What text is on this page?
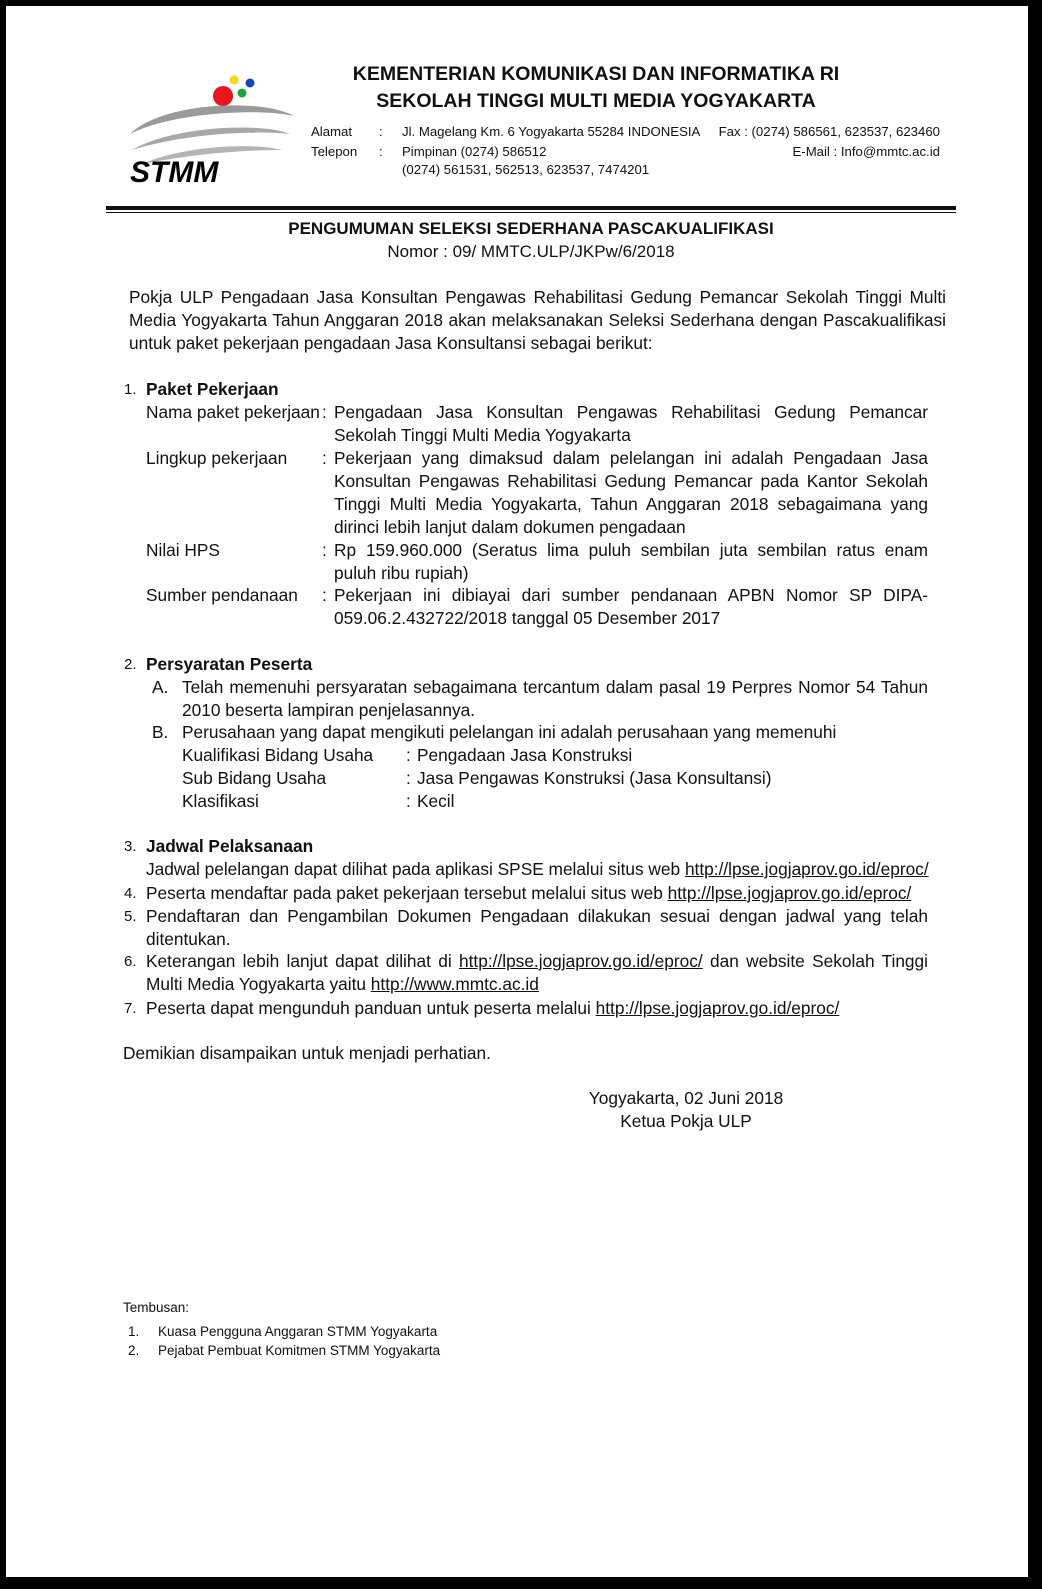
STMM
KEMENTERIAN KOMUNIKASI DAN INFORMATIKA RI
SEKOLAH TINGGI MULTI MEDIA YOGYAKARTA
Alamat : Jl. Magelang Km. 6 Yogyakarta 55284 INDONESIA
Telepon : Pimpinan (0274) 586512
(0274) 561531, 562513, 623537, 7474201
Fax : (0274) 586561, 623537, 623460
E-Mail : Info@mmtc.ac.id
PENGUMUMAN SELEKSI SEDERHANA PASCAKUALIFIKASI
Nomor : 09/ MMTC.ULP/JKPw/6/2018
Pokja ULP Pengadaan Jasa Konsultan Pengawas Rehabilitasi Gedung Pemancar Sekolah Tinggi Multi Media Yogyakarta Tahun Anggaran 2018 akan melaksanakan Seleksi Sederhana dengan Pascakualifikasi untuk paket pekerjaan pengadaan Jasa Konsultansi sebagai berikut:
1. Paket Pekerjaan
Nama paket pekerjaan : Pengadaan Jasa Konsultan Pengawas Rehabilitasi Gedung Pemancar Sekolah Tinggi Multi Media Yogyakarta
Lingkup pekerjaan : Pekerjaan yang dimaksud dalam pelelangan ini adalah Pengadaan Jasa Konsultan Pengawas Rehabilitasi Gedung Pemancar pada Kantor Sekolah Tinggi Multi Media Yogyakarta, Tahun Anggaran 2018 sebagaimana yang dirinci lebih lanjut dalam dokumen pengadaan
Nilai HPS	: Rp 159.960.000 (Seratus lima puluh sembilan juta sembilan ratus enam puluh ribu rupiah)
Sumber pendanaan : Pekerjaan ini dibiayai dari sumber pendanaan APBN Nomor SP DIPA-059.06.2.432722/2018 tanggal 05 Desember 2017
2. Persyaratan Peserta
A. Telah memenuhi persyaratan sebagaimana tercantum dalam pasal 19 Perpres Nomor 54 Tahun 2010 beserta lampiran penjelasannya.
B. Perusahaan yang dapat mengikuti pelelangan ini adalah perusahaan yang memenuhi
Kualifikasi Bidang Usaha : Pengadaan Jasa Konstruksi
Sub Bidang Usaha	: Jasa Pengawas Konstruksi (Jasa Konsultansi)
Klasifikasi	: Kecil
3. Jadwal Pelaksanaan
Jadwal pelelangan dapat dilihat pada aplikasi SPSE melalui situs web http://lpse.jogjaprov.go.id/eproc/
4. Peserta mendaftar pada paket pekerjaan tersebut melalui situs web http://lpse.jogjaprov.go.id/eproc/
5. Pendaftaran dan Pengambilan Dokumen Pengadaan dilakukan sesuai dengan jadwal yang telah ditentukan.
6. Keterangan lebih lanjut dapat dilihat di http://lpse.jogjaprov.go.id/eproc/ dan website Sekolah Tinggi Multi Media Yogyakarta yaitu http://www.mmtc.ac.id
7. Peserta dapat mengunduh panduan untuk peserta melalui http://lpse.jogjaprov.go.id/eproc/
Demikian disampaikan untuk menjadi perhatian.
Yogyakarta, 02 Juni 2018
Ketua Pokja ULP
Tembusan:
1. Kuasa Pengguna Anggaran STMM Yogyakarta
2. Pejabat Pembuat Komitmen STMM Yogyakarta
